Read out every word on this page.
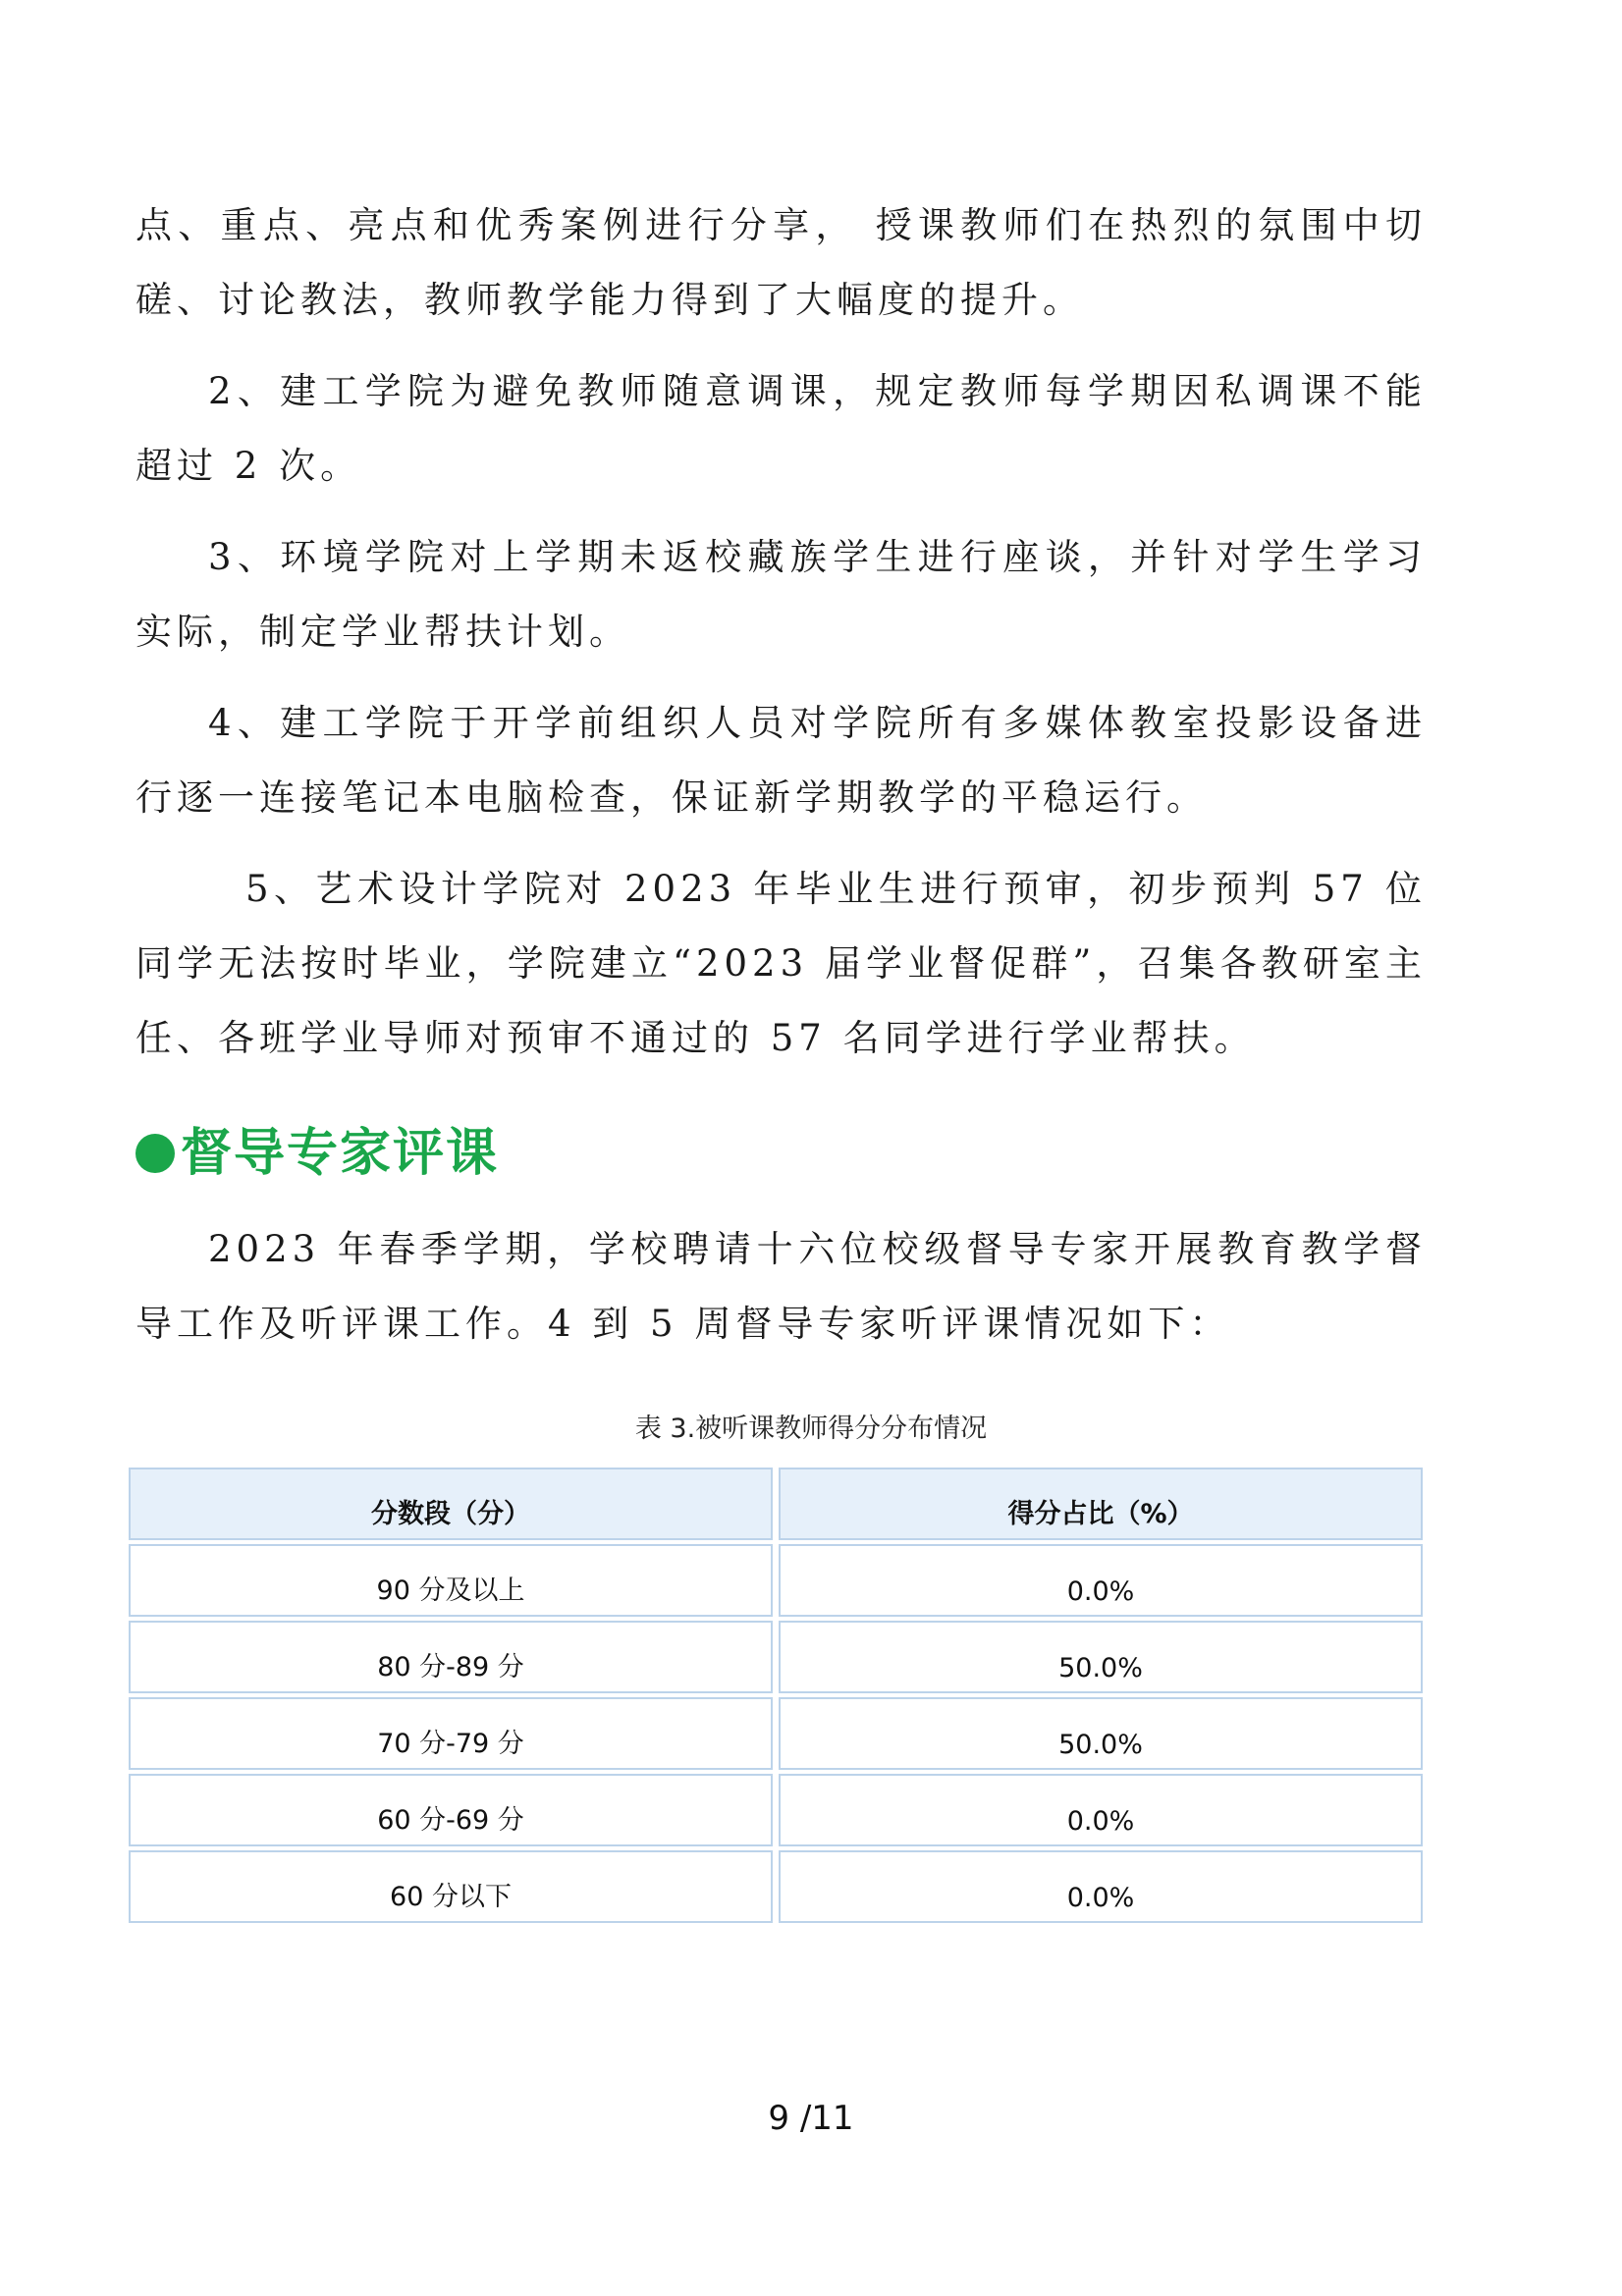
点、重点、亮点和优秀案例进行分享， 授课教师们在热烈的氛围中切磋、讨论教法，教师教学能力得到了大幅度的提升。

2、建工学院为避免教师随意调课，规定教师每学期因私调课不能超过 2 次。

3、环境学院对上学期未返校藏族学生进行座谈，并针对学生学习实际，制定学业帮扶计划。

4、建工学院于开学前组织人员对学院所有多媒体教室投影设备进行逐一连接笔记本电脑检查，保证新学期教学的平稳运行。

5、艺术设计学院对 2023 年毕业生进行预审，初步预判 57 位同学无法按时毕业，学院建立“2023 届学业督促群”，召集各教研室主任、各班学业导师对预审不通过的 57 名同学进行学业帮扶。

督导专家评课

2023 年春季学期，学校聘请十六位校级督导专家开展教育教学督导工作及听评课工作。4 到 5 周督导专家听评课情况如下：

表 3.被听课教师得分分布情况

分数段（分）	得分占比（%）
90 分及以上	0.0%
80 分-89 分	50.0%
70 分-79 分	50.0%
60 分-69 分	0.0%
60 分以下	0.0%

9 /11
